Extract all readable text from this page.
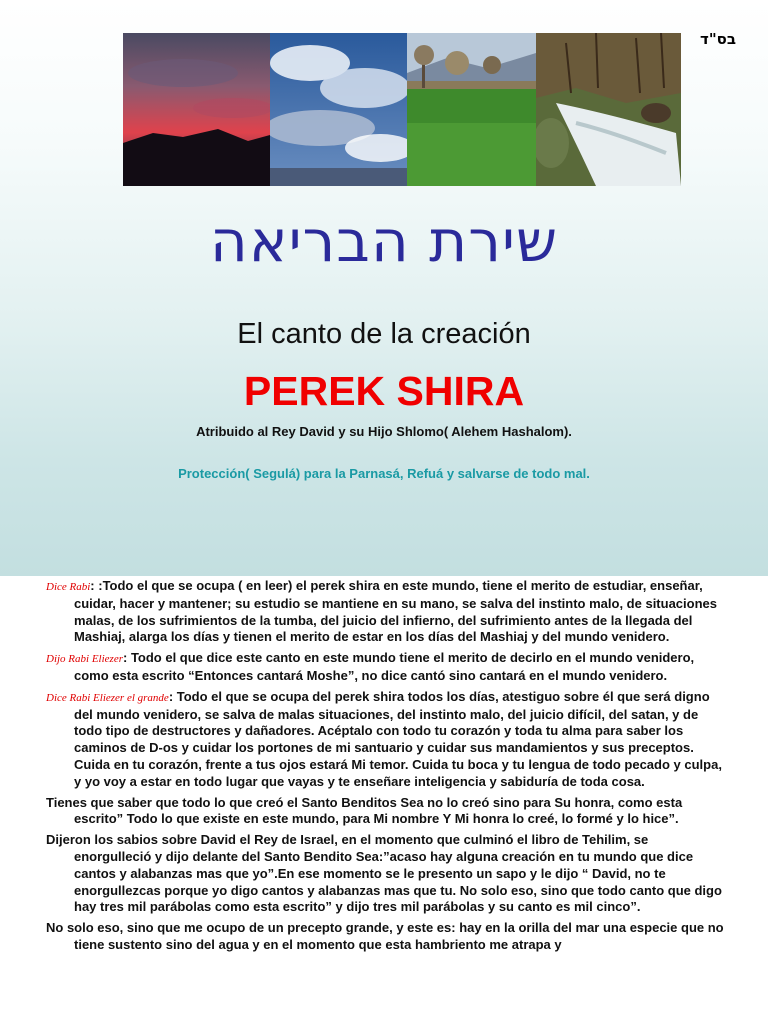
בס"ד
שירת הבריאה
El canto de la creación
PEREK SHIRA
Atribuido al Rey David y su Hijo Shlomo( Alehem Hashalom).
Protección( Segulá) para la Parnasá, Refuá y salvarse de todo mal.

Dice Rabi: :Todo el que se ocupa ( en leer) el perek shira en este mundo, tiene el merito de estudiar, enseñar, cuidar, hacer y mantener; su estudio se mantiene en su mano, se salva del instinto malo, de situaciones malas, de los sufrimientos de la tumba, del juicio del infierno, del sufrimiento antes de la llegada del Mashiaj, alarga los días y tienen el merito de estar en los días del Mashiaj y del mundo venidero.

Dijo Rabi Eliezer: Todo el que dice este canto en este mundo tiene el merito de decirlo en el mundo venidero, como esta escrito “Entonces cantará Moshe”, no dice cantó sino cantará en el mundo venidero.

Dice Rabi Eliezer el grande: Todo el que se ocupa del perek shira todos los días, atestiguo sobre él que será digno del mundo venidero, se salva de malas situaciones, del instinto malo, del juicio difícil, del satan, y de todo tipo de destructores y dañadores. Acéptalo con todo tu corazón y toda tu alma para saber los caminos de D-os y cuidar los portones de mi santuario y cuidar sus mandamientos y sus preceptos. Cuida en tu corazón, frente a tus ojos estará Mi temor. Cuida tu boca y tu lengua de todo pecado y culpa, y yo voy a estar en todo lugar que vayas y te enseñare inteligencia y sabiduría de toda cosa.

Tienes que saber que todo lo que creó el Santo Benditos Sea no lo creó sino para Su honra, como esta escrito” Todo lo que existe en este mundo, para Mi nombre Y Mi honra lo creé, lo formé y lo hice”.

Dijeron los sabios sobre David el Rey de Israel, en el momento que culminó el libro de Tehilim, se enorgulleció y dijo delante del Santo Bendito Sea:”acaso hay alguna creación en tu mundo que dice cantos y alabanzas mas que yo”.En ese momento se le presento un sapo y le dijo “ David, no te enorgullezcas porque yo digo cantos y alabanzas mas que tu. No solo eso, sino que todo canto que digo hay tres mil parábolas como esta escrito” y dijo tres mil parábolas y su canto es mil cinco”.

No solo eso, sino que me ocupo de un precepto grande, y este es: hay en la orilla del mar una especie que no tiene sustento sino del agua y en el momento que esta hambriento me atrapa y
